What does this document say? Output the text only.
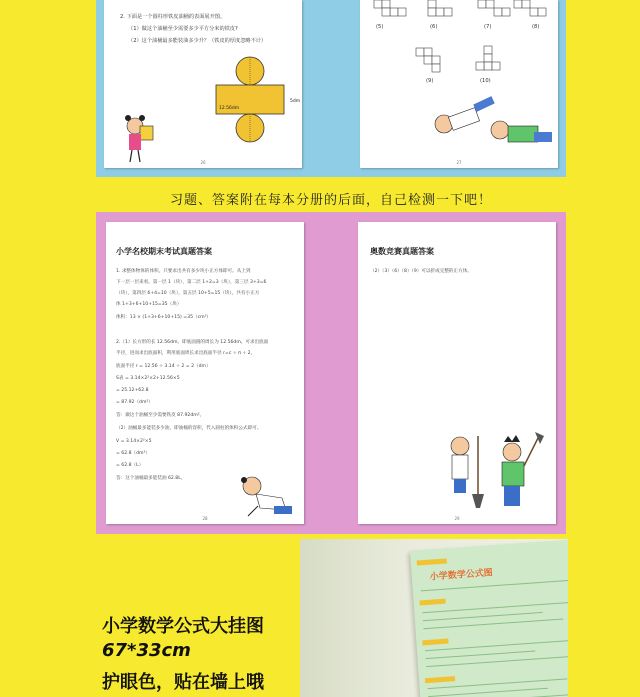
2. 下面是一个圆柱形铁皮油桶的表面展开图。
（1）做这个油桶至少需要多少平方分米的铁皮?
（2）这个油桶最多能装油多少升？（铁皮的厚度忽略不计）
12.56dm
5dm
26
(5)	(6)	(7)	(8)
(9)	(10)
27
习题、答案附在每本分册的后面，自己检测一下吧！
小学名校期末考试真题答案
1. 求整体物体的体积。只要求出共有多少块小正方体即可。从上到
下一层一层来看。第一层 1（块），第二层 1+2=3（块），第三层 3+3=6
（块），第四层 6+4=10（块），第五层 10+5=15（块），共有小正方
体 1+3+6+10+15=35（块）
体积：13 × (1+3+6+10+15) =35（cm³）
2.（1）长方形的长 12.56dm。即底面圆的周长为 12.56dm。可求出底面
半径，进而求出底面积，利用底面周长求出底面半径 r=c ÷ π ÷ 2。
底面半径 r = 12.56 ÷ 3.14 ÷ 2 = 2（dm）
S表 = 3.14×2²×2+12.56×5
= 25.12+62.8
= 87.92（dm²）
答：做这个油桶至少需要铁皮 87.92dm²。
（2）油桶最多能装多少油，即油桶的容积，代入圆柱的体积公式即可。
V = 3.14×2²×5
= 62.8（dm³）
= 62.8（L）
答：这个油桶最多能装油 62.8L。
28
奥数竞赛真题答案
（2）（3）（6）（8）（9）可以折成完整的正方体。
29
小学数学公式大挂图
67*33cm
护眼色，贴在墙上哦
小学数学公式图
